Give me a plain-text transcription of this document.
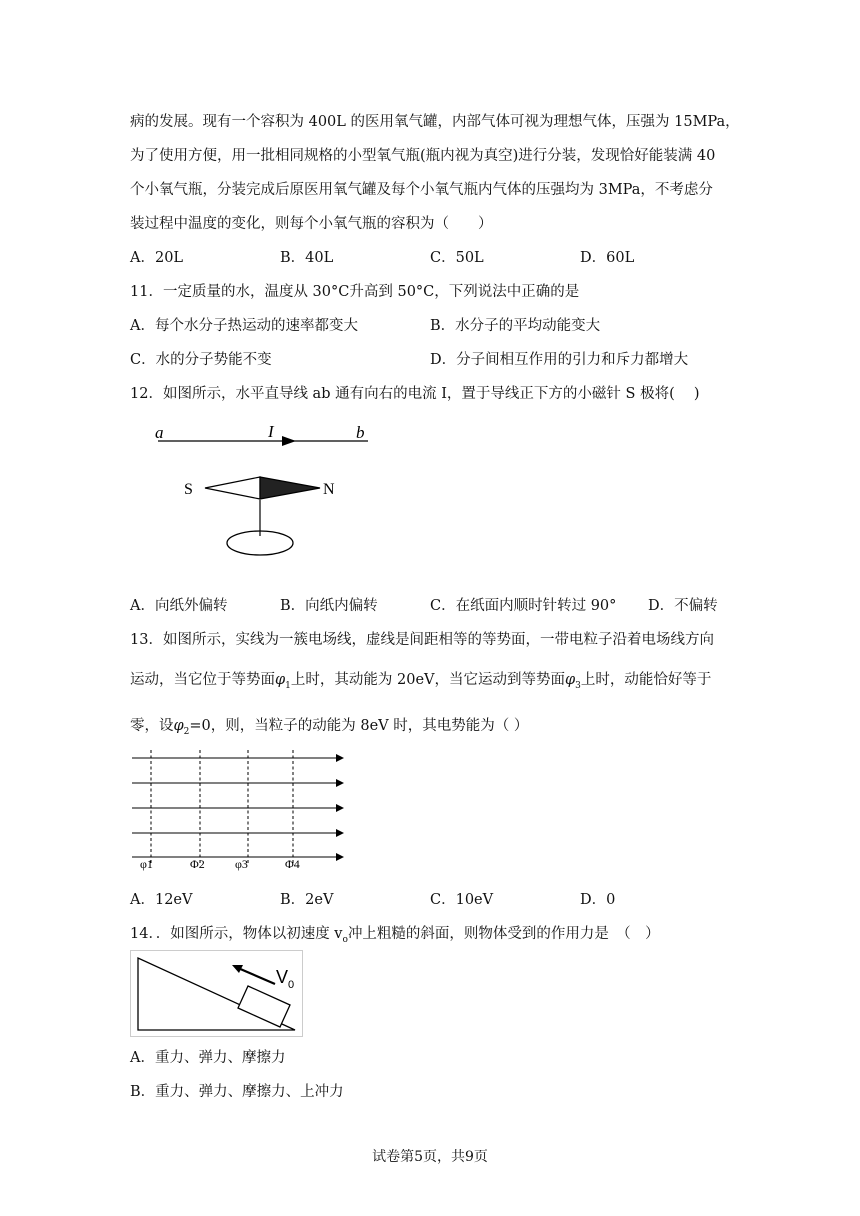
病的发展。现有一个容积为 400L 的医用氧气罐，内部气体可视为理想气体，压强为 15MPa，
为了使用方便，用一批相同规格的小型氧气瓶(瓶内视为真空)进行分装，发现恰好能装满 40
个小氧气瓶，分装完成后原医用氧气罐及每个小氧气瓶内气体的压强均为 3MPa，不考虑分
装过程中温度的变化，则每个小氧气瓶的容积为（　　）
A．20L	B．40L	C．50L	D．60L
11．一定质量的水，温度从 30°C升高到 50°C，下列说法中正确的是
A．每个水分子热运动的速率都变大	B．水分子的平均动能变大
C．水的分子势能不变	D．分子间相互作用的引力和斥力都增大
12．如图所示，水平直导线 ab 通有向右的电流 I，置于导线正下方的小磁针 S 极将(　 )
a	I	b
S	N
A．向纸外偏转	B．向纸内偏转	C．在纸面内顺时针转过 90° D．不偏转
13．如图所示，实线为一簇电场线，虚线是间距相等的等势面，一带电粒子沿着电场线方向
运动，当它位于等势面$\varphi_1$上时，其动能为 20eV，当它运动到等势面$\varphi_3$上时，动能恰好等于
零，设$\varphi_2=0$，则，当粒子的动能为 8eV 时，其电势能为（ ）
φ1	Φ2	φ3	Φ4
A．12eV	B．2eV	C．10eV	D．0
14．．如图所示，物体以初速度 $v_o$冲上粗糙的斜面，则物体受到的作用力是　（　）
$V_0$
A．重力、弹力、摩擦力
B．重力、弹力、摩擦力、上冲力
试卷第5页，共9页
